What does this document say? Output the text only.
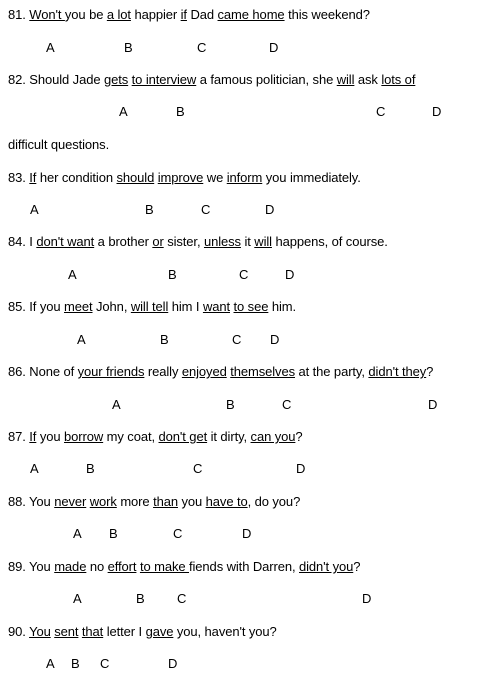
81. Won't you be a lot happier if Dad came home this weekend?
A	B	C	D
82. Should Jade gets to interview a famous politician, she will ask lots of
difficult questions.
A	B	C	D
83. If her condition should improve we inform you immediately.
A	B	C	D
84. I don't want a brother or sister, unless it will happens, of course.
A	B	C	D
85. If you meet John, will tell him I want to see him.
A	B	C D
86. None of your friends really enjoyed themselves at the party, didn't they?
A	B	C	D
87. If you borrow my coat, don't get it dirty, can you?
A	B	C	D
88. You never work more than you have to, do you?
A B	C	D
89. You made no effort to make fiends with Darren, didn't you?
A	B C	D
90. You sent that letter I gave you, haven't you?
A B C	D
